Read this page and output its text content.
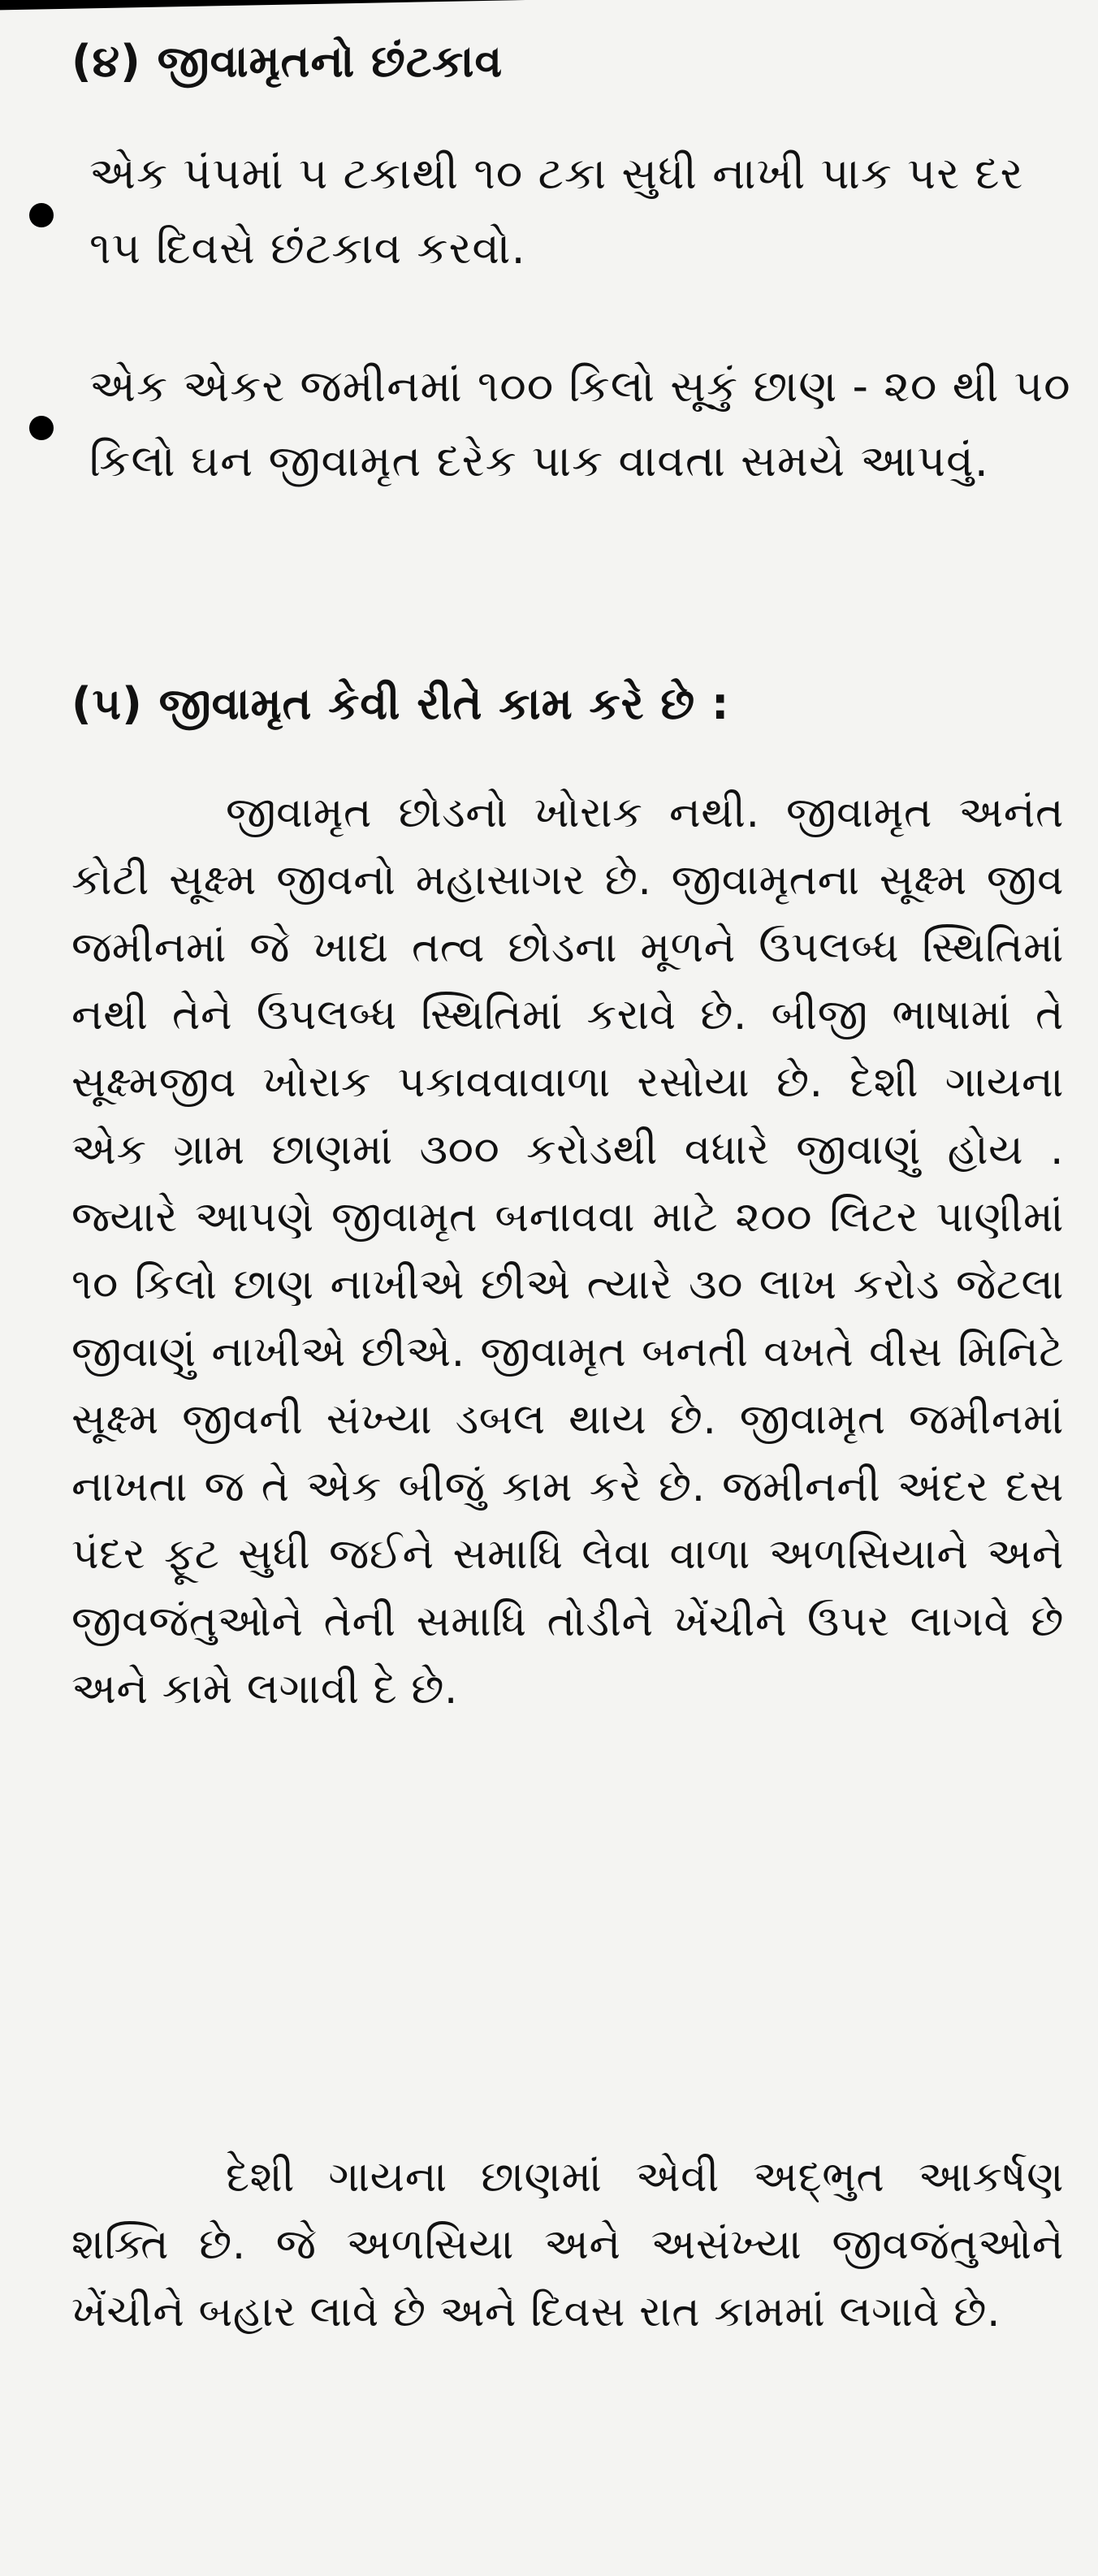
(૪) જીવામૃતનો છંટકાવ
એક પંપમાં ૫ ટકાથી ૧૦ ટકા સુધી નાખી પાક પર દર ૧૫ દિવસે છંટકાવ કરવો.
એક એકર જમીનમાં ૧૦૦ કિલો સૂકું છાણ - ૨૦ થી ૫૦ કિલો ઘન જીવામૃત દરેક પાક વાવતા સમયે આપવું.
(૫) જીવામૃત કેવી રીતે કામ કરે છે :
જીવામૃત છોડનો ખોરાક નથી. જીવામૃત અનંત કોટી સૂક્ષ્મ જીવનો મહાસાગર છે. જીવામૃતના સૂક્ષ્મ જીવ જમીનમાં જે ખાદ્ય તત્વ છોડના મૂળને ઉપલબ્ધ સ્થિતિમાં નથી તેને ઉપલબ્ધ સ્થિતિમાં કરાવે છે. બીજી ભાષામાં તે સૂક્ષ્મજીવ ખોરાક પકાવવાવાળા રસોયા છે. દેશી ગાયના એક ગ્રામ છાણમાં ૩૦૦ કરોડથી વધારે જીવાણું હોય . જ્યારે આપણે જીવામૃત બનાવવા માટે ૨૦૦ લિટર પાણીમાં ૧૦ કિલો છાણ નાખીએ છીએ ત્યારે ૩૦ લાખ કરોડ જેટલા જીવાણું નાખીએ છીએ. જીવામૃત બનતી વખતે વીસ મિનિટે સૂક્ષ્મ જીવની સંખ્યા ડબલ થાય છે. જીવામૃત જમીનમાં નાખતા જ તે એક બીજું કામ કરે છે. જમીનની અંદર દસ પંદર ફૂટ સુધી જઈને સમાધિ લેવા વાળા અળસિયાને અને જીવજંતુઓને તેની સમાધિ તોડીને ખેંચીને ઉપર લાગવે છે અને કામે લગાવી દે છે.
દેશી ગાયના છાણમાં એવી અદ્ભુત આકર્ષણ શક્તિ છે. જે અળસિયા અને અસંખ્યા જીવજંતુઓને ખેંચીને બહાર લાવે છે અને દિવસ રાત કામમાં લગાવે છે.
